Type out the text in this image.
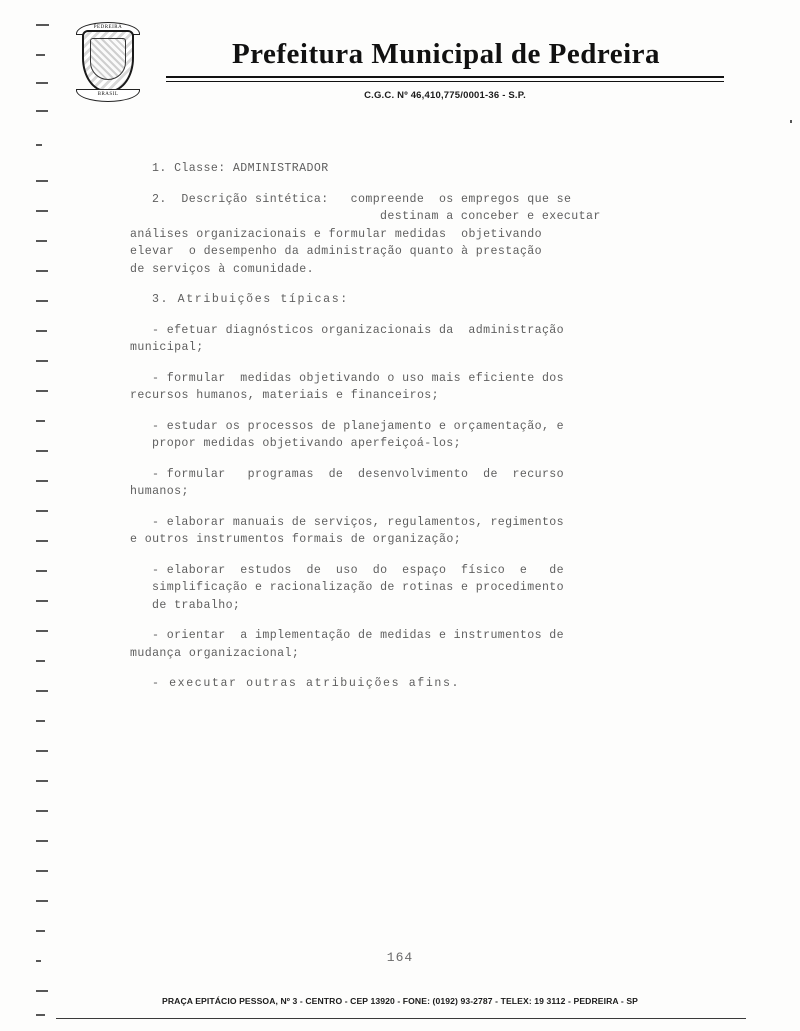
PEDREIRA
BRASIL
Prefeitura Municipal de Pedreira
C.G.C. Nº 46,410,775/0001-36 - S.P.
1. Classe: ADMINISTRADOR
2.  Descrição sintética:   compreende  os empregos que se
destinam a conceber e executar
análises organizacionais e formular medidas  objetivando
elevar  o desempenho da administração quanto à prestação
de serviços à comunidade.
3. Atribuições típicas:
- efetuar diagnósticos organizacionais da  administração
municipal;
- formular  medidas objetivando o uso mais eficiente dos
recursos humanos, materiais e financeiros;
- estudar os processos de planejamento e orçamentação, e
propor medidas objetivando aperfeiçoá-los;
- formular   programas  de  desenvolvimento  de  recurso
humanos;
- elaborar manuais de serviços, regulamentos, regimentos
e outros instrumentos formais de organização;
- elaborar  estudos  de  uso  do  espaço  físico  e   de
simplificação e racionalização de rotinas e procedimento
de trabalho;
- orientar  a implementação de medidas e instrumentos de
mudança organizacional;
- executar outras atribuições afins.
164
PRAÇA EPITÁCIO PESSOA, Nº 3 - CENTRO - CEP 13920 - FONE: (0192) 93-2787 - TELEX: 19 3112 - PEDREIRA - SP
